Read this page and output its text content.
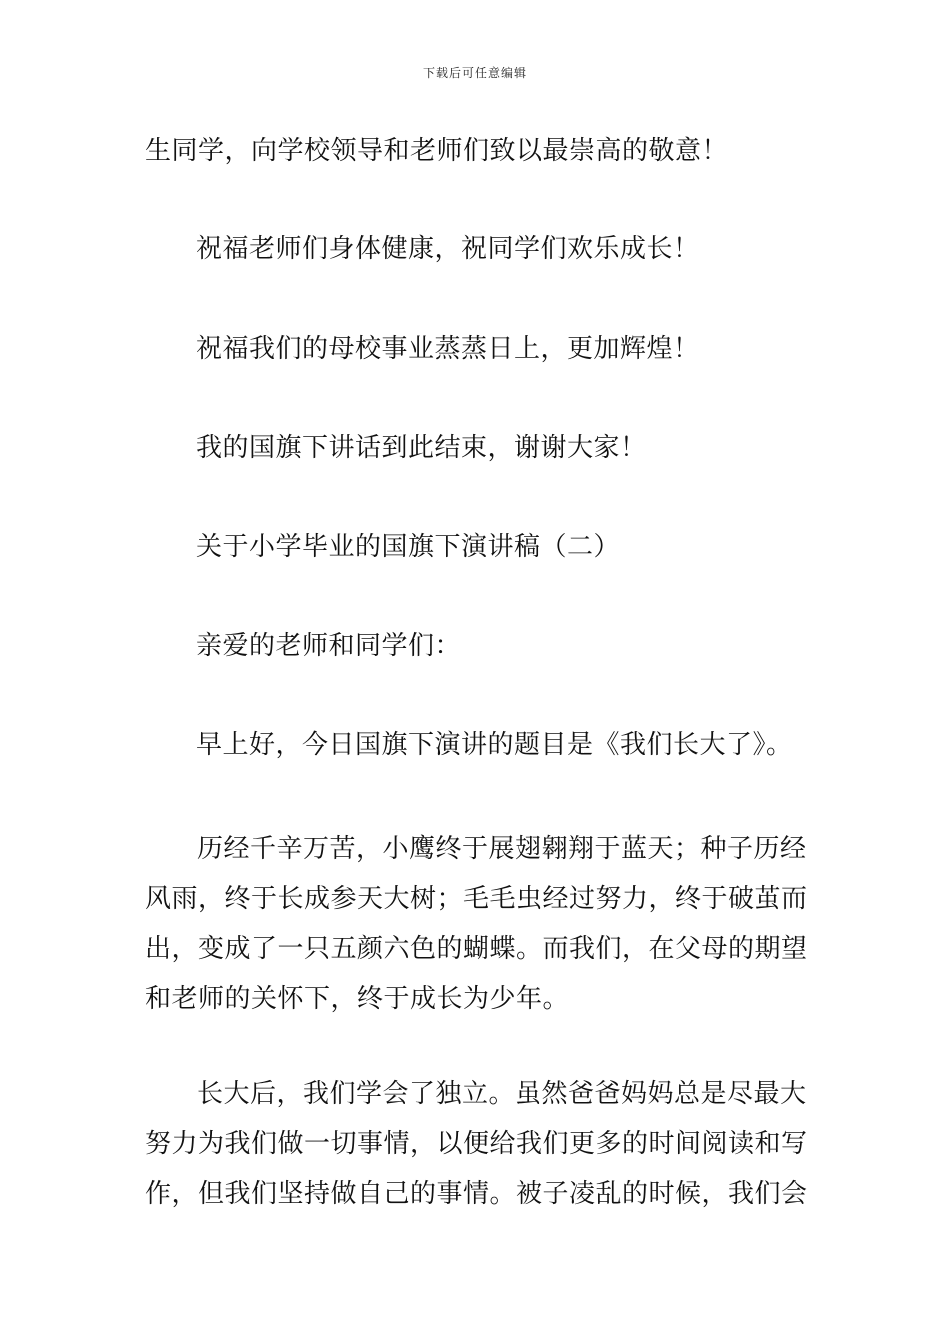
下载后可任意编辑
生同学，向学校领导和老师们致以最崇高的敬意！
祝福老师们身体健康，祝同学们欢乐成长！
祝福我们的母校事业蒸蒸日上，更加辉煌！
我的国旗下讲话到此结束，谢谢大家！
关于小学毕业的国旗下演讲稿（二）
亲爱的老师和同学们：
早上好，今日国旗下演讲的题目是《我们长大了》。
历经千辛万苦，小鹰终于展翅翱翔于蓝天；种子历经风雨，终于长成参天大树；毛毛虫经过努力，终于破茧而出，变成了一只五颜六色的蝴蝶。而我们，在父母的期望和老师的关怀下，终于成长为少年。
长大后，我们学会了独立。虽然爸爸妈妈总是尽最大努力为我们做一切事情，以便给我们更多的时间阅读和写作，但我们坚持做自己的事情。被子凌乱的时候，我们会
